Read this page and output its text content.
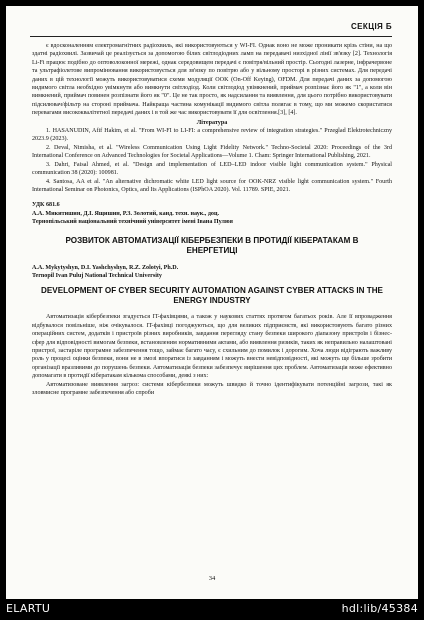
СЕКЦІЯ Б

є вдосконаленням електромагнітних радіохвиль, які використовуються у WI-FI. Однак воно не може проникати крізь стіни, на що здатні радіохвилі. Зазвичай це реалізується за допомогою білих світлодіодних ламп на передавачі низхідної лінії зв'язку [2]. Технологія Li-Fi працює подібно до оптоволоконної мережі, однак середовищем передачі є повітря/вільний простір. Сьогодні лазерне, інфрачервоне та ультрафіолетове випромінювання використовується для зв'язку по повітрю або у вільному просторі в різних системах. Для передачі даних в цій технології можуть використовуватися схеми модуляції OOK (On-Off Keying), OFDM. Для передачі даних за допомогою видимого світла необхідно увімкнути або вимкнути світлодіод. Коли світлодіод увімкнений, приймач розпізнає його як "1", а коли він вимкнений, приймач повинен розпізнати його як "0". Це не так просто, як надсилання та виявлення, для цього потрібно використовувати підсилювач/фільтр на стороні приймача. Найкраща частина комунікації видимого світла полягає в тому, що ми можемо скористатися перевагами висококвалітетної передачі даних і в той же час використовувати її для освітлення.[3], [4].

Література

1. HASANUDIN, Afif Hakim, et al. "From WI-FI to LI-FI: a comprehensive review of integration strategies." Przeglad Elektrotechniczny 2023.9 (2023).

2. Deval, Nimisha, et al. "Wireless Communication Using Light Fidelity Network." Techno-Societal 2020: Proceedings of the 3rd International Conference on Advanced Technologies for Societal Applications—Volume 1. Cham: Springer International Publishing, 2021.

3. Dahri, Faisal Ahmed, et al. "Design and implementation of LED–LED indoor visible light communication system." Physical communication 38 (2020): 100981.

4. Santosa, AA et al. "An alternative dichromatic white LED light source for OOK-NRZ visible light communication system." Fourth International Seminar on Photonics, Optics, and Its Applications (ISPhOA 2020). Vol. 11789. SPIE, 2021.

УДК 681.6

А.А. Микитишин, Д.І. Ящишин, Р.З. Золотий, канд. техн. наук., доц.

Тернопільський національний технічний університет імені Івана Пулюя

РОЗВИТОК АВТОМАТИЗАЦІЇ КІБЕРБЕЗПЕКИ В ПРОТИДІЇ КІБЕРАТАКАМ В ЕНЕРГЕТИЦІ

A.A. Mykytyshyn, D.I. Yashchyshyn, R.Z. Zolotyi, Ph.D.

Ternopil Ivan Puluj National Technical University

DEVELOPMENT OF CYBER SECURITY AUTOMATION AGAINST CYBER ATTACKS IN THE ENERGY INDUSTRY

Автоматизація кібербезпеки згадується IT-фахівцями, а також у наукових статтях протягом багатьох років. Але її впровадження відбувалося повільніше, ніж очікувалося. IT-фахівці погоджуються, що для великих підприємств, які використовують багато різних операційних систем, додатків і пристроїв різних виробників, завдання перегляду стану безпеки широкого діапазону пристроїв і бізнес-сфер для відповідності вимогам безпеки, встановленим нормативними актами, або виявлення ризиків, таких як неправильно налаштовані пристрої, застаріле програмне забезпечення тощо, займає багато часу, є схильним до помилок і дорогим. Хоча люди відіграють важливу роль у процесі оцінки безпеки, вони не в змозі впоратися із завданням і можуть внести невідповідності, які можуть ще більше зробити організації вразливими до порушень безпеки. Автоматизація безпеки забезпечує вирішення цих проблем. Автоматизація може ефективно допомагати в протидії кібератакам кількома способами, деякі з них:

Автоматизоване виявлення загроз: системи кібербезпеки можуть швидко й точно ідентифікувати потенційні загрози, такі як зловмисне програмне забезпечення або спроби

34
ELARTU	hdl:lib/45384
